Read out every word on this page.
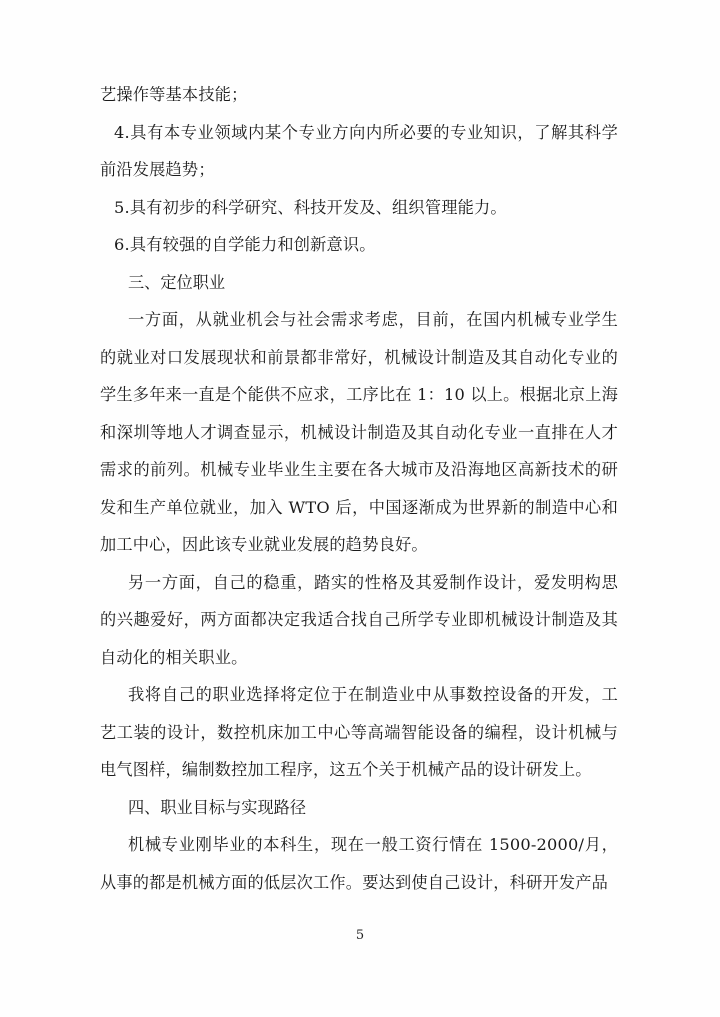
艺操作等基本技能；

4.具有本专业领域内某个专业方向内所必要的专业知识，了解其科学前沿发展趋势；

5.具有初步的科学研究、科技开发及、组织管理能力。

6.具有较强的自学能力和创新意识。

三、定位职业

一方面，从就业机会与社会需求考虑，目前，在国内机械专业学生的就业对口发展现状和前景都非常好，机械设计制造及其自动化专业的学生多年来一直是个能供不应求，工序比在 1：10 以上。根据北京上海和深圳等地人才调查显示，机械设计制造及其自动化专业一直排在人才需求的前列。机械专业毕业生主要在各大城市及沿海地区高新技术的研发和生产单位就业，加入 WTO 后，中国逐渐成为世界新的制造中心和加工中心，因此该专业就业发展的趋势良好。

另一方面，自己的稳重，踏实的性格及其爱制作设计，爱发明构思的兴趣爱好，两方面都决定我适合找自己所学专业即机械设计制造及其自动化的相关职业。

我将自己的职业选择将定位于在制造业中从事数控设备的开发，工艺工装的设计，数控机床加工中心等高端智能设备的编程，设计机械与电气图样，编制数控加工程序，这五个关于机械产品的设计研发上。

四、职业目标与实现路径

机械专业刚毕业的本科生，现在一般工资行情在 1500-2000/月，从事的都是机械方面的低层次工作。要达到使自己设计，科研开发产品

5
